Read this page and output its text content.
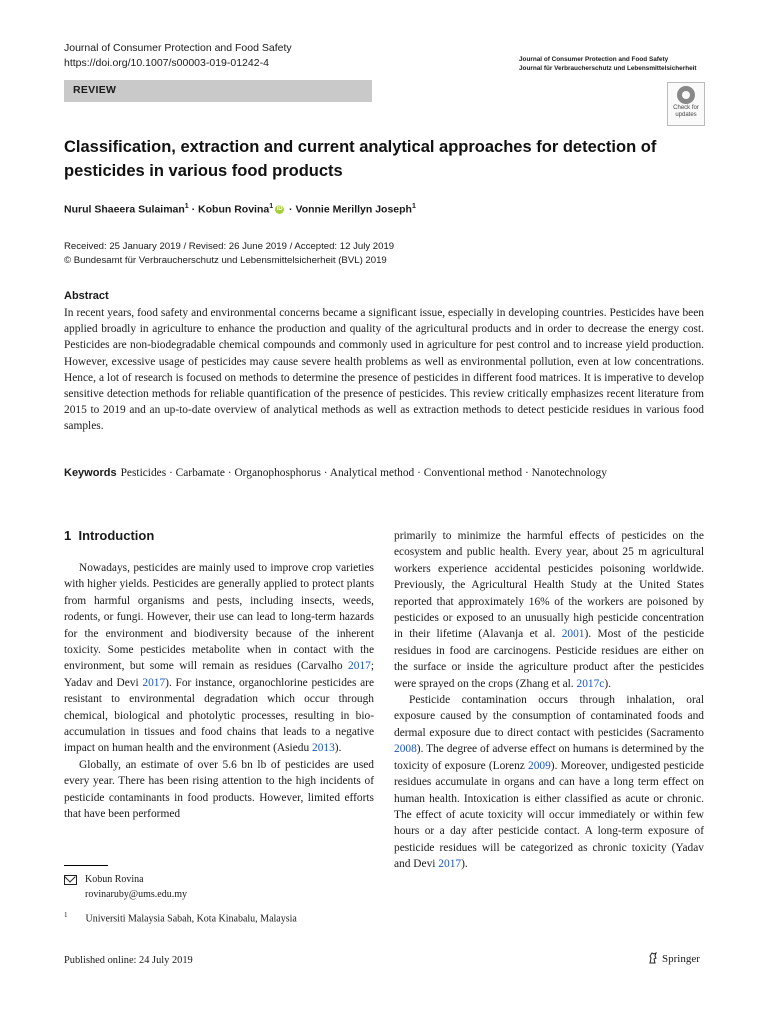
Journal of Consumer Protection and Food Safety
https://doi.org/10.1007/s00003-019-01242-4	Journal of Consumer Protection and Food Safety
Journal für Verbraucherschutz und Lebensmittelsicherheit
REVIEW
Check for
updates
Classification, extraction and current analytical approaches for detection of pesticides in various food products
Nurul Shaeera Sulaiman$^1$ · Kobun Rovina$^1$ iD · Vonnie Merillyn Joseph$^1$
Received: 25 January 2019 / Revised: 26 June 2019 / Accepted: 12 July 2019
© Bundesamt für Verbraucherschutz und Lebensmittelsicherheit (BVL) 2019
Abstract
In recent years, food safety and environmental concerns became a significant issue, especially in developing countries. Pesticides have been applied broadly in agriculture to enhance the production and quality of the agricultural products and in order to decrease the energy cost. Pesticides are non-biodegradable chemical compounds and commonly used in agriculture for pest control and to increase yield production. However, excessive usage of pesticides may cause severe health problems as well as environmental pollution, even at low concentrations. Hence, a lot of research is focused on methods to determine the presence of pesticides in different food matrices. It is imperative to develop sensitive detection methods for reliable quantification of the presence of pesticides. This review critically emphasizes recent literature from 2015 to 2019 and an up-to-date overview of analytical methods as well as extraction methods to detect pesticide residues in various food samples.
Keywords Pesticides · Carbamate · Organophosphorus · Analytical method · Conventional method · Nanotechnology
1 Introduction

Nowadays, pesticides are mainly used to improve crop varieties with higher yields. Pesticides are generally applied to protect plants from harmful organisms and pests, including insects, weeds, rodents, or fungi. However, their use can lead to long-term hazards for the environment and biodiversity because of the inherent toxicity. Some pesticides metabolite when in contact with the environment, but some will remain as residues (Carvalho 2017; Yadav and Devi 2017). For instance, organochlorine pesticides are resistant to environmental degradation which occur through chemical, biological and photolytic processes, resulting in bio-accumulation in tissues and food chains that leads to a negative impact on human health and the environment (Asiedu 2013).

Globally, an estimate of over 5.6 bn lb of pesticides are used every year. There has been rising attention to the high incidents of pesticide contaminants in food products. However, limited efforts that have been performed

primarily to minimize the harmful effects of pesticides on the ecosystem and public health. Every year, about 25 m agricultural workers experience accidental pesticides poisoning worldwide. Previously, the Agricultural Health Study at the United States reported that approximately 16% of the workers are poisoned by pesticides or exposed to an unusually high pesticide concentration in their lifetime (Alavanja et al. 2001). Most of the pesticide residues in food are carcinogens. Pesticide residues are either on the surface or inside the agriculture product after the pesticides were sprayed on the crops (Zhang et al. 2017c).

Pesticide contamination occurs through inhalation, oral exposure caused by the consumption of contaminated foods and dermal exposure due to direct contact with pesticides (Sacramento 2008). The degree of adverse effect on humans is determined by the toxicity of exposure (Lorenz 2009). Moreover, undigested pesticide residues accumulate in organs and can have a long term effect on human health. Intoxication is either classified as acute or chronic. The effect of acute toxicity will occur immediately or within few hours or a day after pesticide contact. A long-term exposure of pesticide residues will be categorized as chronic toxicity (Yadav and Devi 2017).

Kobun Rovina
rovinaruby@ums.edu.my
$^1$ Universiti Malaysia Sabah, Kota Kinabalu, Malaysia
Published online: 24 July 2019	Springer
